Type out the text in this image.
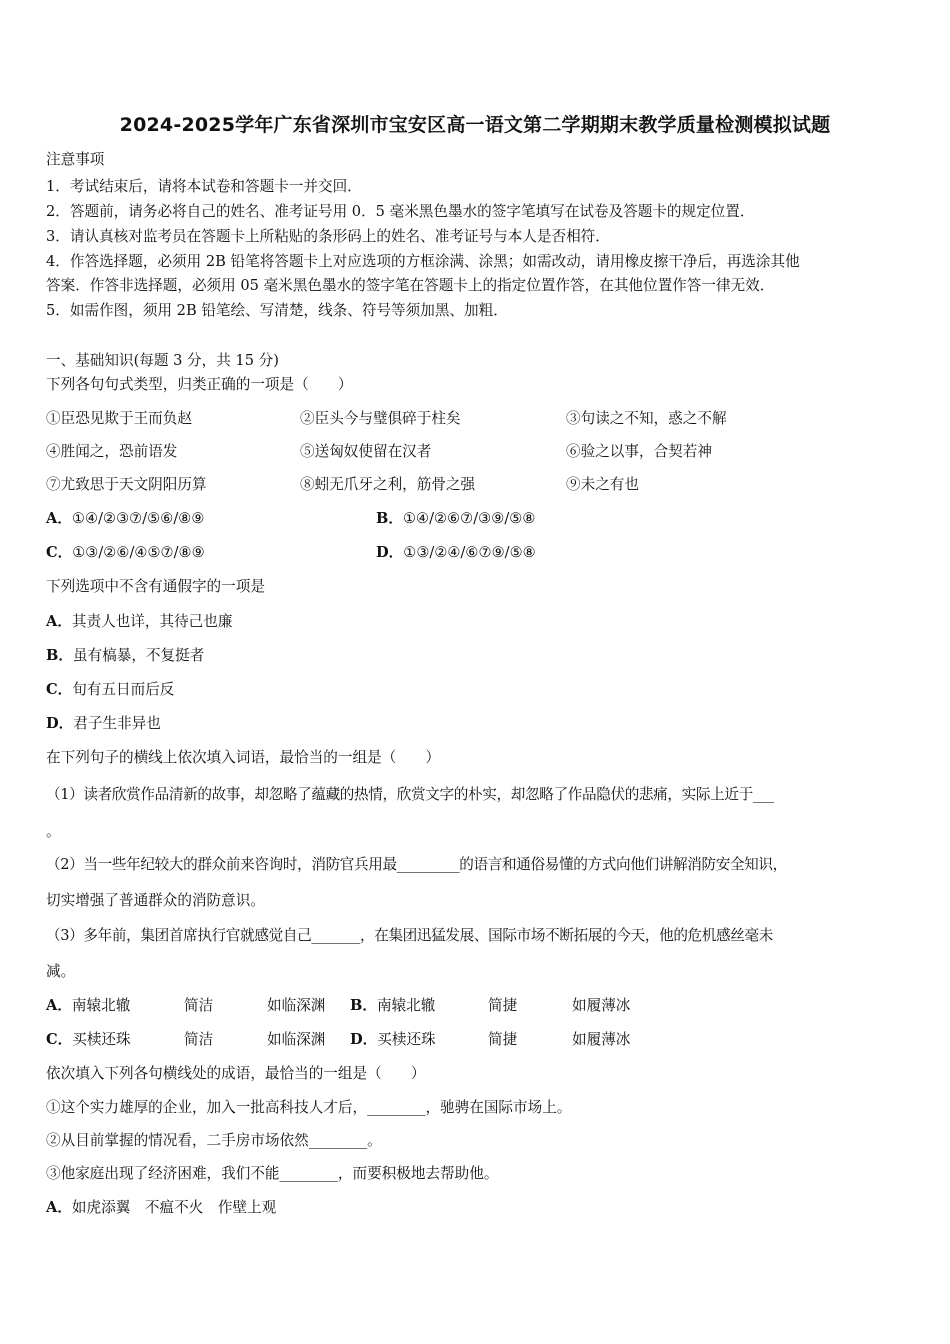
2024-2025学年广东省深圳市宝安区高一语文第二学期期末教学质量检测模拟试题
注意事项
1．考试结束后，请将本试卷和答题卡一并交回．
2．答题前，请务必将自己的姓名、准考证号用 0．5 毫米黑色墨水的签字笔填写在试卷及答题卡的规定位置．
3．请认真核对监考员在答题卡上所粘贴的条形码上的姓名、准考证号与本人是否相符．
4．作答选择题，必须用 2B 铅笔将答题卡上对应选项的方框涂满、涂黑；如需改动，请用橡皮擦干净后，再选涂其他
答案．作答非选择题，必须用 05 毫米黑色墨水的签字笔在答题卡上的指定位置作答，在其他位置作答一律无效．
5．如需作图，须用 2B 铅笔绘、写清楚，线条、符号等须加黑、加粗．
一、基础知识(每题 3 分，共 15 分)
下列各句句式类型，归类正确的一项是（　　）
①臣恐见欺于王而负赵	②臣头今与璧俱碎于柱矣	③句读之不知，惑之不解
④胜闻之，恐前语发	⑤送匈奴使留在汉者	⑥验之以事，合契若神
⑦尤致思于天文阴阳历算	⑧蚓无爪牙之利，筋骨之强	⑨未之有也
A．①④/②③⑦/⑤⑥/⑧⑨	B．①④/②⑥⑦/③⑨/⑤⑧
C．①③/②⑥/④⑤⑦/⑧⑨	D．①③/②④/⑥⑦⑨/⑤⑧
下列选项中不含有通假字的一项是
A．其责人也详，其待己也廉
B．虽有槁暴，不复挺者
C．旬有五日而后反
D．君子生非异也
在下列句子的横线上依次填入词语，最恰当的一组是（　　）
（1）读者欣赏作品清新的故事，却忽略了蕴藏的热情，欣赏文字的朴实，却忽略了作品隐伏的悲痛，实际上近于___
。
（2）当一些年纪较大的群众前来咨询时，消防官兵用最_________的语言和通俗易懂的方式向他们讲解消防安全知识，
切实增强了普通群众的消防意识。
（3）多年前，集团首席执行官就感觉自己_______，在集团迅猛发展、国际市场不断拓展的今天，他的危机感丝毫未
减。
A．南辕北辙	简洁	如临深渊 B．南辕北辙	简捷	如履薄冰
C．买椟还珠	简洁	如临深渊 D．买椟还珠	简捷	如履薄冰
依次填入下列各句横线处的成语，最恰当的一组是（　　）
①这个实力雄厚的企业，加入一批高科技人才后，________，驰骋在国际市场上。
②从目前掌握的情况看，二手房市场依然________。
③他家庭出现了经济困难，我们不能________，而要积极地去帮助他。
A．如虎添翼　不瘟不火　作壁上观
